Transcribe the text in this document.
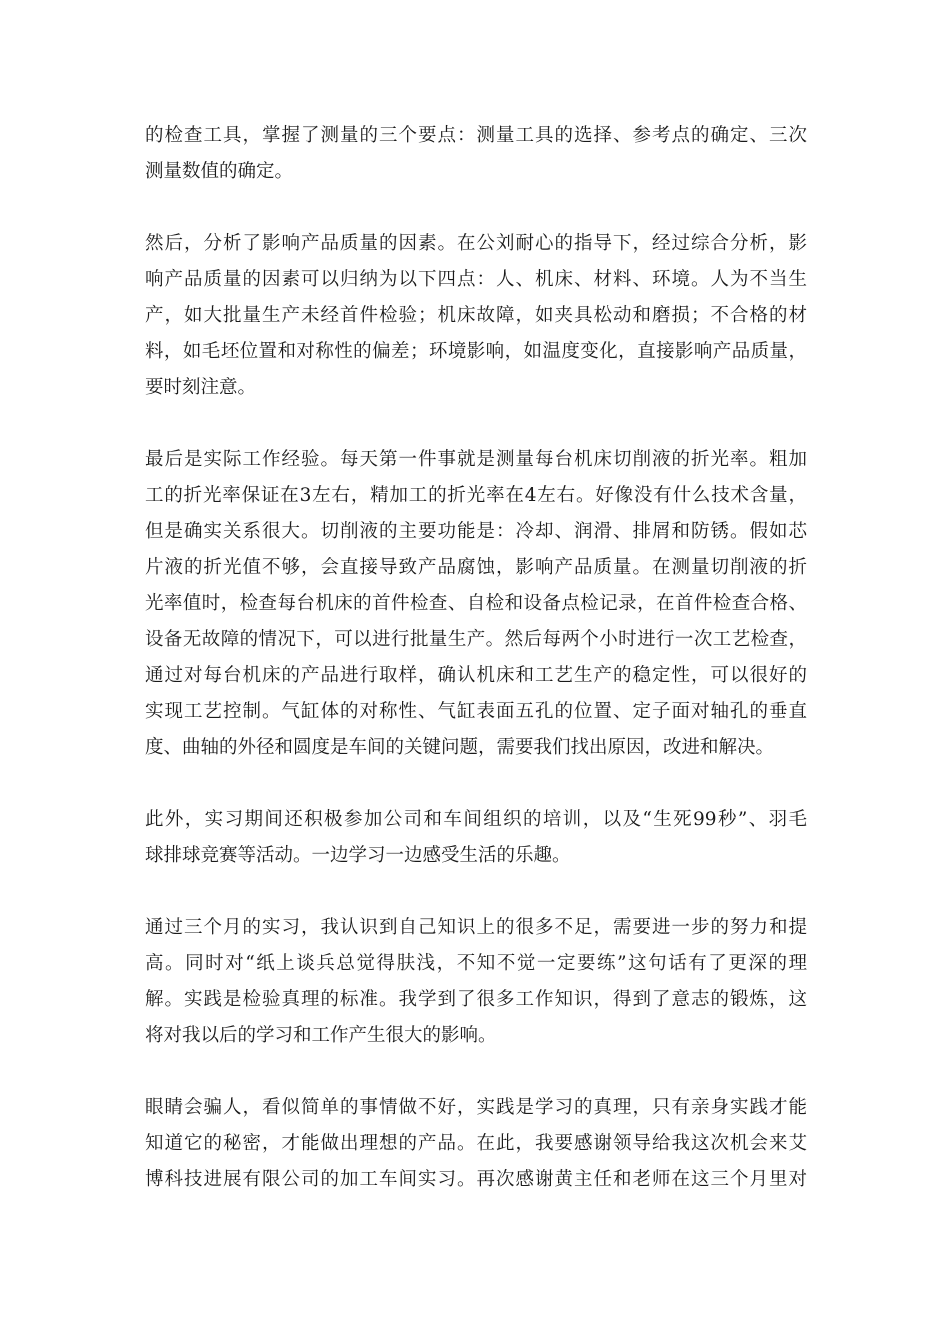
的检查工具，掌握了测量的三个要点：测量工具的选择、参考点的确定、三次
测量数值的确定。
然后，分析了影响产品质量的因素。在公刘耐心的指导下，经过综合分析，影
响产品质量的因素可以归纳为以下四点：人、机床、材料、环境。人为不当生
产，如大批量生产未经首件检验；机床故障，如夹具松动和磨损；不合格的材
料，如毛坯位置和对称性的偏差；环境影响，如温度变化，直接影响产品质量，
要时刻注意。
最后是实际工作经验。每天第一件事就是测量每台机床切削液的折光率。粗加
工的折光率保证在3左右，精加工的折光率在4左右。好像没有什么技术含量，
但是确实关系很大。切削液的主要功能是：冷却、润滑、排屑和防锈。假如芯
片液的折光值不够，会直接导致产品腐蚀，影响产品质量。在测量切削液的折
光率值时，检查每台机床的首件检查、自检和设备点检记录，在首件检查合格、
设备无故障的情况下，可以进行批量生产。然后每两个小时进行一次工艺检查，
通过对每台机床的产品进行取样，确认机床和工艺生产的稳定性，可以很好的
实现工艺控制。气缸体的对称性、气缸表面五孔的位置、定子面对轴孔的垂直
度、曲轴的外径和圆度是车间的关键问题，需要我们找出原因，改进和解决。
此外，实习期间还积极参加公司和车间组织的培训，以及“生死99秒”、羽毛
球排球竞赛等活动。一边学习一边感受生活的乐趣。
通过三个月的实习，我认识到自己知识上的很多不足，需要进一步的努力和提
高。同时对“纸上谈兵总觉得肤浅，不知不觉一定要练”这句话有了更深的理
解。实践是检验真理的标准。我学到了很多工作知识，得到了意志的锻炼，这
将对我以后的学习和工作产生很大的影响。
眼睛会骗人，看似简单的事情做不好，实践是学习的真理，只有亲身实践才能
知道它的秘密，才能做出理想的产品。在此，我要感谢领导给我这次机会来艾
博科技进展有限公司的加工车间实习。再次感谢黄主任和老师在这三个月里对
